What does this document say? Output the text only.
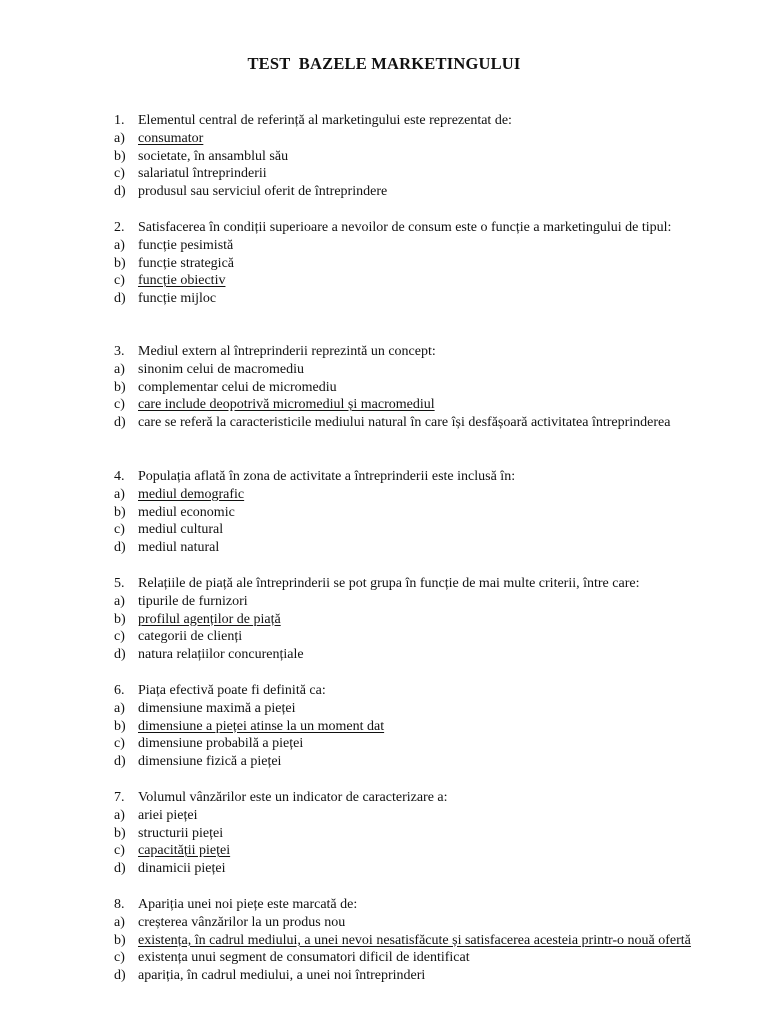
TEST  BAZELE MARKETINGULUI
1. Elementul central de referință al marketingului este reprezentat de:
a) consumator
b) societate, în ansamblul său
c) salariatul întreprinderii
d) produsul sau serviciul oferit de întreprindere
2. Satisfacerea în condiții superioare a nevoilor de consum este o funcție a marketingului de tipul:
a) funcție pesimistă
b) funcție strategică
c) funcție obiectiv
d) funcție mijloc
3. Mediul extern al întreprinderii reprezintă un concept:
a) sinonim celui de macromediu
b) complementar celui de micromediu
c) care include deopotrivă micromediul și macromediul
d) care se referă la caracteristicile mediului natural în care își desfășoară activitatea întreprinderea
4. Populația aflată în zona de activitate a întreprinderii este inclusă în:
a) mediul demografic
b) mediul economic
c) mediul cultural
d) mediul natural
5. Relațiile de piață ale întreprinderii se pot grupa în funcție de mai multe criterii, între care:
a) tipurile de furnizori
b) profilul agenților de piață
c) categorii de clienți
d) natura relațiilor concurențiale
6. Piața efectivă poate fi definită ca:
a) dimensiune maximă a pieței
b) dimensiune a pieței atinse la un moment dat
c) dimensiune probabilă a pieței
d) dimensiune fizică a pieței
7. Volumul vânzărilor este un indicator de caracterizare a:
a) ariei pieței
b) structurii pieței
c) capacității pieței
d) dinamicii pieței
8. Apariția unei noi piețe este marcată de:
a) creșterea vânzărilor la un produs nou
b) existența, în cadrul mediului, a unei nevoi nesatisfăcute și satisfacerea acesteia printr-o nouă ofertă
c) existența unui segment de consumatori dificil de identificat
d) apariția, în cadrul mediului, a unei noi întreprinderi
